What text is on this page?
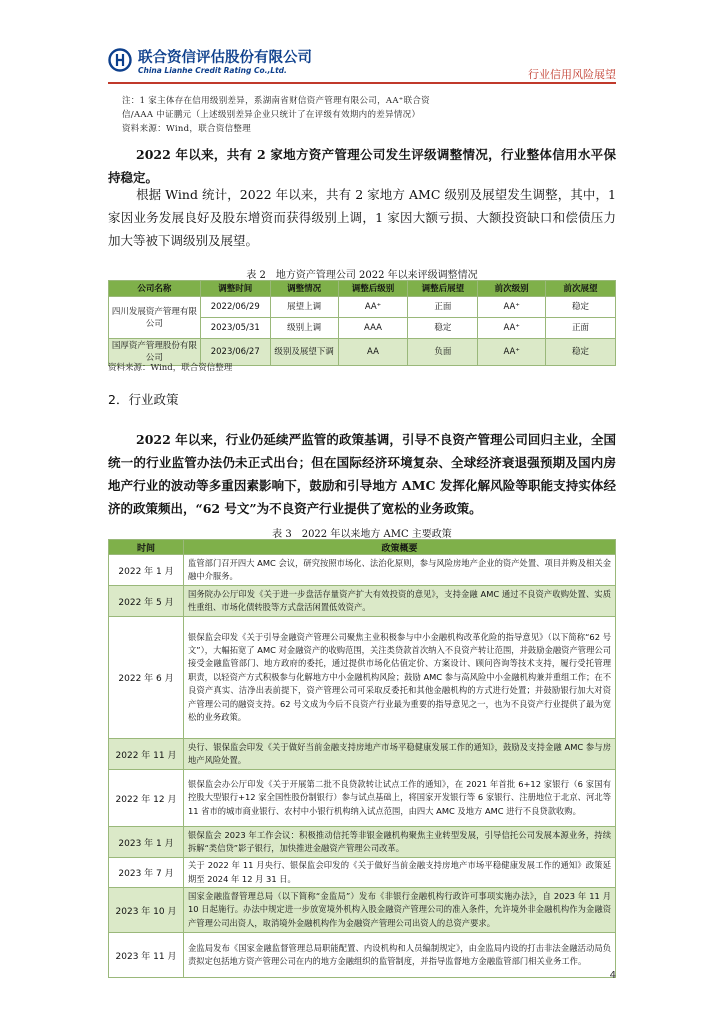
联合资信评估股份有限公司
China Lianhe Credit Rating Co.,Ltd.	行业信用风险展望
注：1 家主体存在信用级别差异，系湖南省财信资产管理有限公司，AA⁺联合资
信/AAA 中证鹏元（上述级别差异企业只统计了在评级有效期内的差异情况）
资料来源：Wind，联合资信整理
2022 年以来，共有 2 家地方资产管理公司发生评级调整情况，行业整体信用水平保持稳定。
根据 Wind 统计，2022 年以来，共有 2 家地方 AMC 级别及展望发生调整，其中，1 家因业务发展良好及股东增资而获得级别上调，1 家因大额亏损、大额投资缺口和偿债压力加大等被下调级别及展望。
表 2　地方资产管理公司 2022 年以来评级调整情况
公司名称	调整时间	调整情况	调整后级别	调整后展望	前次级别	前次展望
四川发展资产管理有限公司	2022/06/29	展望上调	AA⁺	正面	AA⁺	稳定
	2023/05/31	级别上调	AAA	稳定	AA⁺	正面
国厚资产管理股份有限公司	2023/06/27	级别及展望下调	AA	负面	AA⁺	稳定
资料来源：Wind，联合资信整理
2．行业政策
2022 年以来，行业仍延续严监管的政策基调，引导不良资产管理公司回归主业，全国统一的行业监管办法仍未正式出台；但在国际经济环境复杂、全球经济衰退强预期及国内房地产行业的波动等多重因素影响下，鼓励和引导地方 AMC 发挥化解风险等职能支持实体经济的政策频出，“62 号文”为不良资产行业提供了宽松的业务政策。
表 3　2022 年以来地方 AMC 主要政策
时间	政策概要
2022 年 1 月	监管部门召开四大 AMC 会议，研究按照市场化、法治化原则，参与风险房地产企业的资产处置、项目并购及相关金融中介服务。
2022 年 5 月	国务院办公厅印发《关于进一步盘活存量资产扩大有效投资的意见》，支持金融 AMC 通过不良资产收购处置、实质性重组、市场化债转股等方式盘活闲置低效资产。
2022 年 6 月	银保监会印发《关于引导金融资产管理公司聚焦主业积极参与中小金融机构改革化险的指导意见》（以下简称“62 号文”），大幅拓宽了 AMC 对金融资产的收购范围，关注类贷款首次纳入不良资产转让范围，并鼓励金融资产管理公司接受金融监管部门、地方政府的委托，通过提供市场化估值定价、方案设计、顾问咨询等技术支持，履行受托管理职责，以轻资产方式积极参与化解地方中小金融机构风险；鼓励 AMC 参与高风险中小金融机构兼并重组工作；在不良资产真实、洁净出表前提下，资产管理公司可采取反委托和其他金融机构的方式进行处置；并鼓励银行加大对资产管理公司的融资支持。62 号文成为今后不良资产行业最为重要的指导意见之一，也为不良资产行业提供了最为宽松的业务政策。
2022 年 11 月	央行、银保监会印发《关于做好当前金融支持房地产市场平稳健康发展工作的通知》，鼓励及支持金融 AMC 参与房地产风险处置。
2022 年 12 月	银保监会办公厅印发《关于开展第二批不良贷款转让试点工作的通知》，在 2021 年首批 6+12 家银行（6 家国有控股大型银行+12 家全国性股份制银行）参与试点基础上，将国家开发银行等 6 家银行、注册地位于北京、河北等 11 省市的城市商业银行、农村中小银行机构纳入试点范围，由四大 AMC 及地方 AMC 进行不良贷款收购。
2023 年 1 月	银保监会 2023 年工作会议：积极推动信托等非银金融机构聚焦主业转型发展，引导信托公司发展本源业务，持续拆解“类信贷”影子银行，加快推进金融资产管理公司改革。
2023 年 7 月	关于 2022 年 11 月央行、银保监会印发的《关于做好当前金融支持房地产市场平稳健康发展工作的通知》政策延期至 2024 年 12 月 31 日。
2023 年 10 月	国家金融监督管理总局（以下简称“金监局”）发布《非银行金融机构行政许可事项实施办法》，自 2023 年 11 月 10 日起施行。办法中规定进一步放宽境外机构入股金融资产管理公司的准入条件，允许境外非金融机构作为金融资产管理公司出资人，取消境外金融机构作为金融资产管理公司出资人的总资产要求。
2023 年 11 月	金监局发布《国家金融监督管理总局职能配置、内设机构和人员编制规定》，由金监局内设的打击非法金融活动局负责拟定包括地方资产管理公司在内的地方金融组织的监管制度，并指导监督地方金融监管部门相关业务工作。
4
